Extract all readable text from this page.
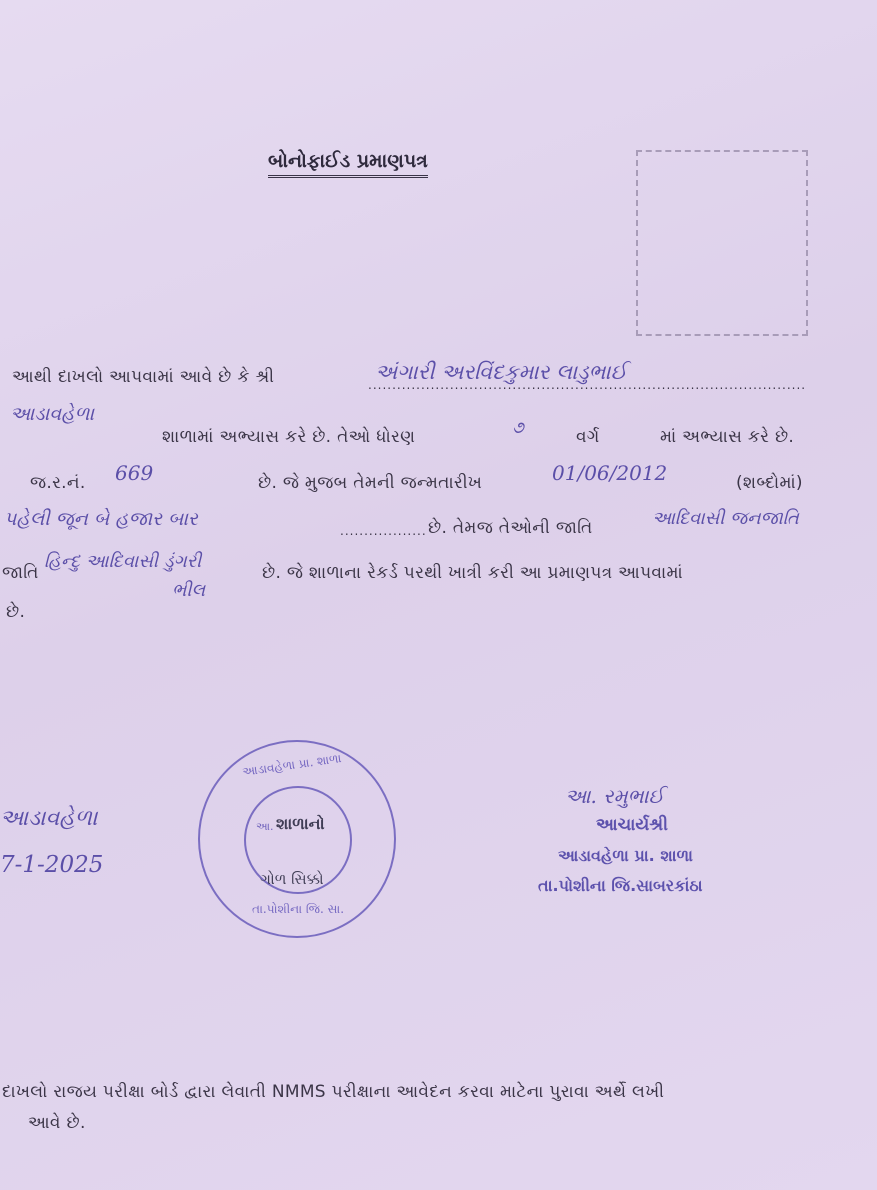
બોનોફાઈડ પ્રમાણપત્ર
આથી દાખલો આપવામાં આવે છે કે શ્રી	અંગારી અરવિંદકુમાર લાડુભાઈ
...........................................................................................
આડાવહેળા
શાળામાં અભ્યાસ કરે છે. તેઓ ધોરણ	૭	વર્ગ	માં અભ્યાસ કરે છે.
જ.ર.નં. 669	છે. જે મુજબ તેમની જન્મતારીખ	01/06/2012	(શબ્દોમાં)
પહેલી જૂન બે હજાર બાર
.................. છે. તેમજ તેઓની જાતિ	આદિવાસી જનજાતિ
જાતિ
હિન્દુ આદિવાસી ડુંગરી
ભીલ
છે. જે શાળાના રેકર્ડ પરથી ખાત્રી કરી આ પ્રમાણપત્ર આપવામાં
છે.
આડાવહેળા
7-1-2025
આડાવહેળા પ્રા. શાળા
તા.પોશીના જિ. સા.
આ. શાળાનો
ગોળ સિક્કો
આ. રમુભાઈ
આચાર્યશ્રી
આડાવહેળા પ્રા. શાળા
તા.પોશીના જિ.સાબરકાંઠા
દાખલો રાજય પરીક્ષા બોર્ડ દ્વારા લેવાતી NMMS પરીક્ષાના આવેદન કરવા માટેના પુરાવા અર્થે લખી
આવે છે.
